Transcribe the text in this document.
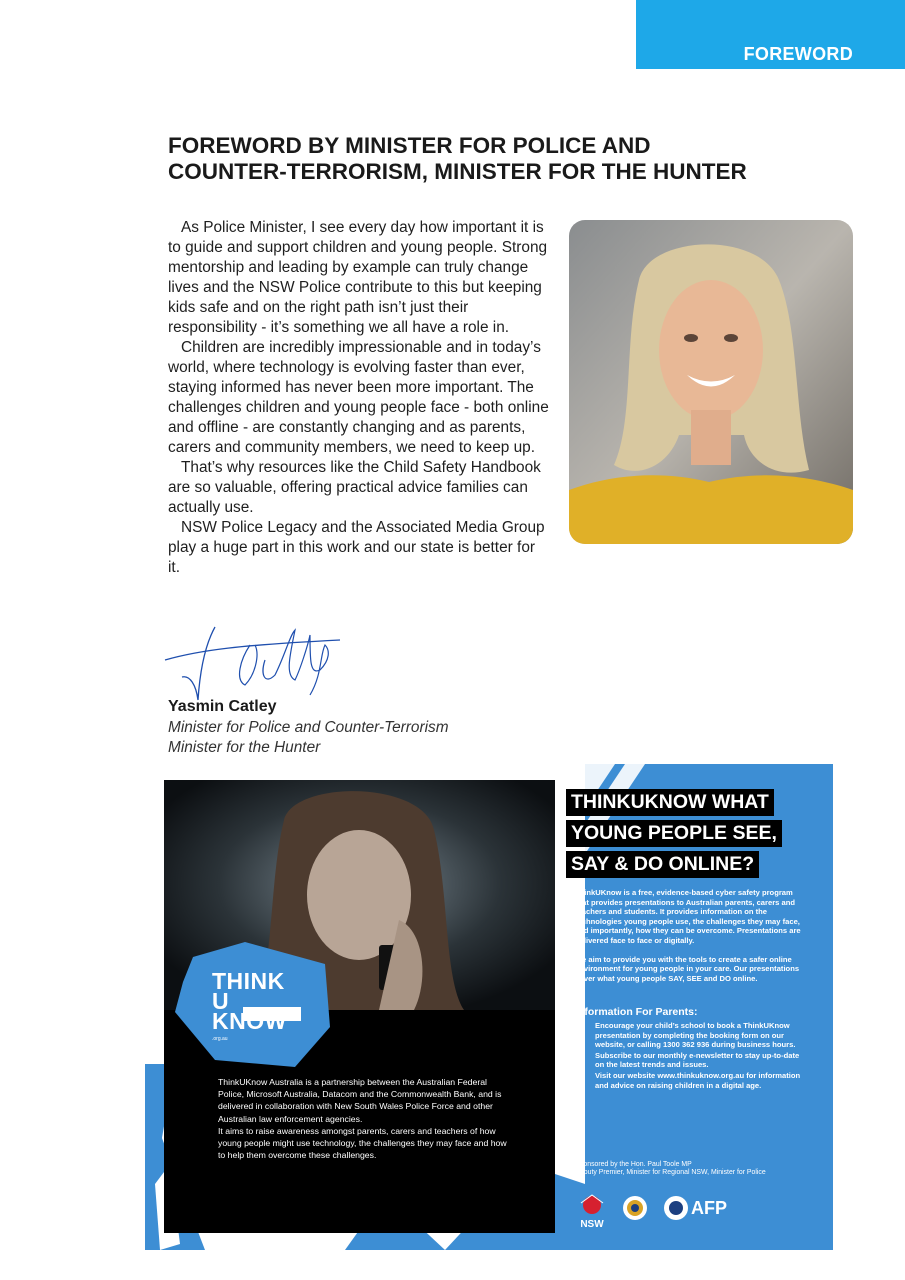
FOREWORD
FOREWORD BY MINISTER FOR POLICE AND
COUNTER-TERRORISM, MINISTER FOR THE HUNTER

As Police Minister, I see every day how important it is to guide and support children and young people. Strong mentorship and leading by example can truly change lives and the NSW Police contribute to this but keeping kids safe and on the right path isn’t just their responsibility - it’s something we all have a role in.

Children are incredibly impressionable and in today’s world, where technology is evolving faster than ever, staying informed has never been more important. The challenges children and young people face - both online and offline - are constantly changing and as parents, carers and community members, we need to keep up.

That’s why resources like the Child Safety Handbook are so valuable, offering practical advice families can actually use.

NSW Police Legacy and the Associated Media Group play a huge part in this work and our state is better for it.

Yasmin Catley
Minister for Police and Counter-Terrorism
Minister for the Hunter
THINK
U
KNOW
.org.au

ThinkUKnow Australia is a partnership between the Australian Federal Police, Microsoft Australia, Datacom and the Commonwealth Bank, and is delivered in collaboration with New South Wales Police Force and other Australian law enforcement agencies.

It aims to raise awareness amongst parents, carers and teachers of how young people might use technology, the challenges they may face and how to help them overcome these challenges.

THINKUKNOW WHAT
YOUNG PEOPLE SEE,
SAY & DO ONLINE?

ThinkUKnow is a free, evidence-based cyber safety program that provides presentations to Australian parents, carers and teachers and students. It provides information on the technologies young people use, the challenges they may face, and importantly, how they can be overcome. Presentations are delivered face to face or digitally.

We aim to provide you with the tools to create a safer online environment for young people in your care. Our presentations cover what young people SAY, SEE and DO online.

Information For Parents:
• Encourage your child’s school to book a ThinkUKnow presentation by completing the booking form on our website, or calling 1300 362 936 during business hours.
• Subscribe to our monthly e-newsletter to stay up-to-date on the latest trends and issues.
• Visit our website www.thinkuknow.org.au for information and advice on raising children in a digital age.
Sponsored by the Hon. Paul Toole MP
Deputy Premier, Minister for Regional NSW, Minister for Police
NSW
AFP
